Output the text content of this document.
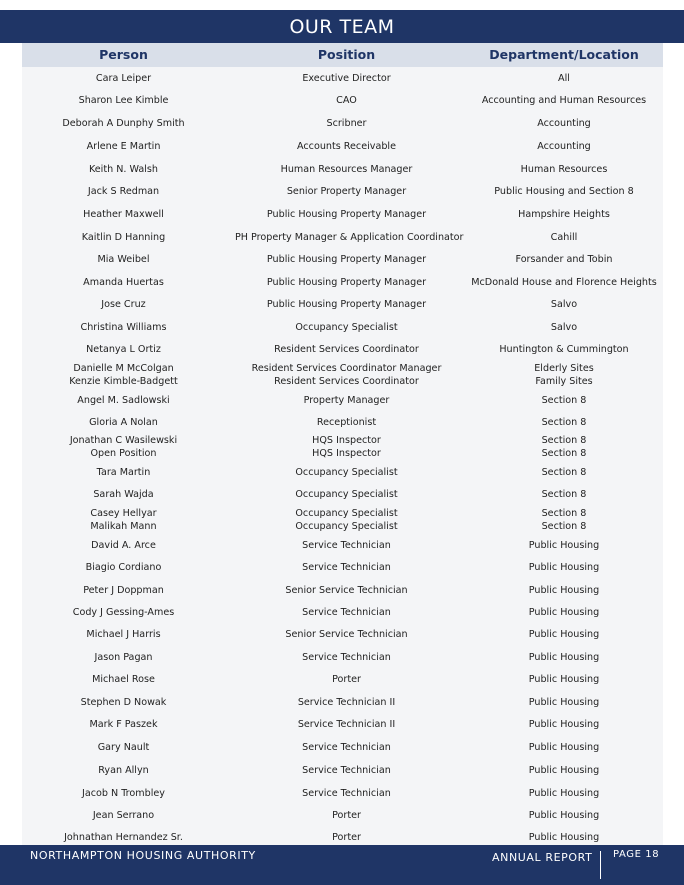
OUR TEAM
Person	Position	Department/Location
Cara Leiper	Executive Director	All
Sharon Lee Kimble	CAO	Accounting and Human Resources
Deborah A Dunphy Smith	Scribner	Accounting
Arlene E Martin	Accounts Receivable	Accounting
Keith N. Walsh	Human Resources Manager	Human Resources
Jack S Redman	Senior Property Manager	Public Housing and Section 8
Heather Maxwell	Public Housing Property Manager	Hampshire Heights
Kaitlin D Hanning	PH Property Manager & Application Coordinator	Cahill
Mia Weibel	Public Housing Property Manager	Forsander and Tobin
Amanda Huertas	Public Housing Property Manager	McDonald House and Florence Heights
Jose Cruz	Public Housing Property Manager	Salvo
Christina Williams	Occupancy Specialist	Salvo
Netanya L Ortiz	Resident Services Coordinator	Huntington & Cummington
Danielle M McColgan	Resident Services Coordinator Manager	Elderly Sites
Kenzie Kimble-Badgett	Resident Services Coordinator	Family Sites
Angel M. Sadlowski	Property Manager	Section 8
Gloria A Nolan	Receptionist	Section 8
Jonathan C Wasilewski	HQS Inspector	Section 8
Open Position	HQS Inspector	Section 8
Tara Martin	Occupancy Specialist	Section 8
Sarah Wajda	Occupancy Specialist	Section 8
Casey Hellyar	Occupancy Specialist	Section 8
Malikah Mann	Occupancy Specialist	Section 8
David A. Arce	Service Technician	Public Housing
Biagio Cordiano	Service Technician	Public Housing
Peter J Doppman	Senior Service Technician	Public Housing
Cody J Gessing-Ames	Service Technician	Public Housing
Michael J Harris	Senior Service Technician	Public Housing
Jason Pagan	Service Technician	Public Housing
Michael Rose	Porter	Public Housing
Stephen D Nowak	Service Technician II	Public Housing
Mark F Paszek	Service Technician II	Public Housing
Gary Nault	Service Technician	Public Housing
Ryan Allyn	Service Technician	Public Housing
Jacob N Trombley	Service Technician	Public Housing
Jean Serrano	Porter	Public Housing
Johnathan Hernandez Sr.	Porter	Public Housing
NORTHAMPTON HOUSING AUTHORITY	ANNUAL REPORT PAGE 18
